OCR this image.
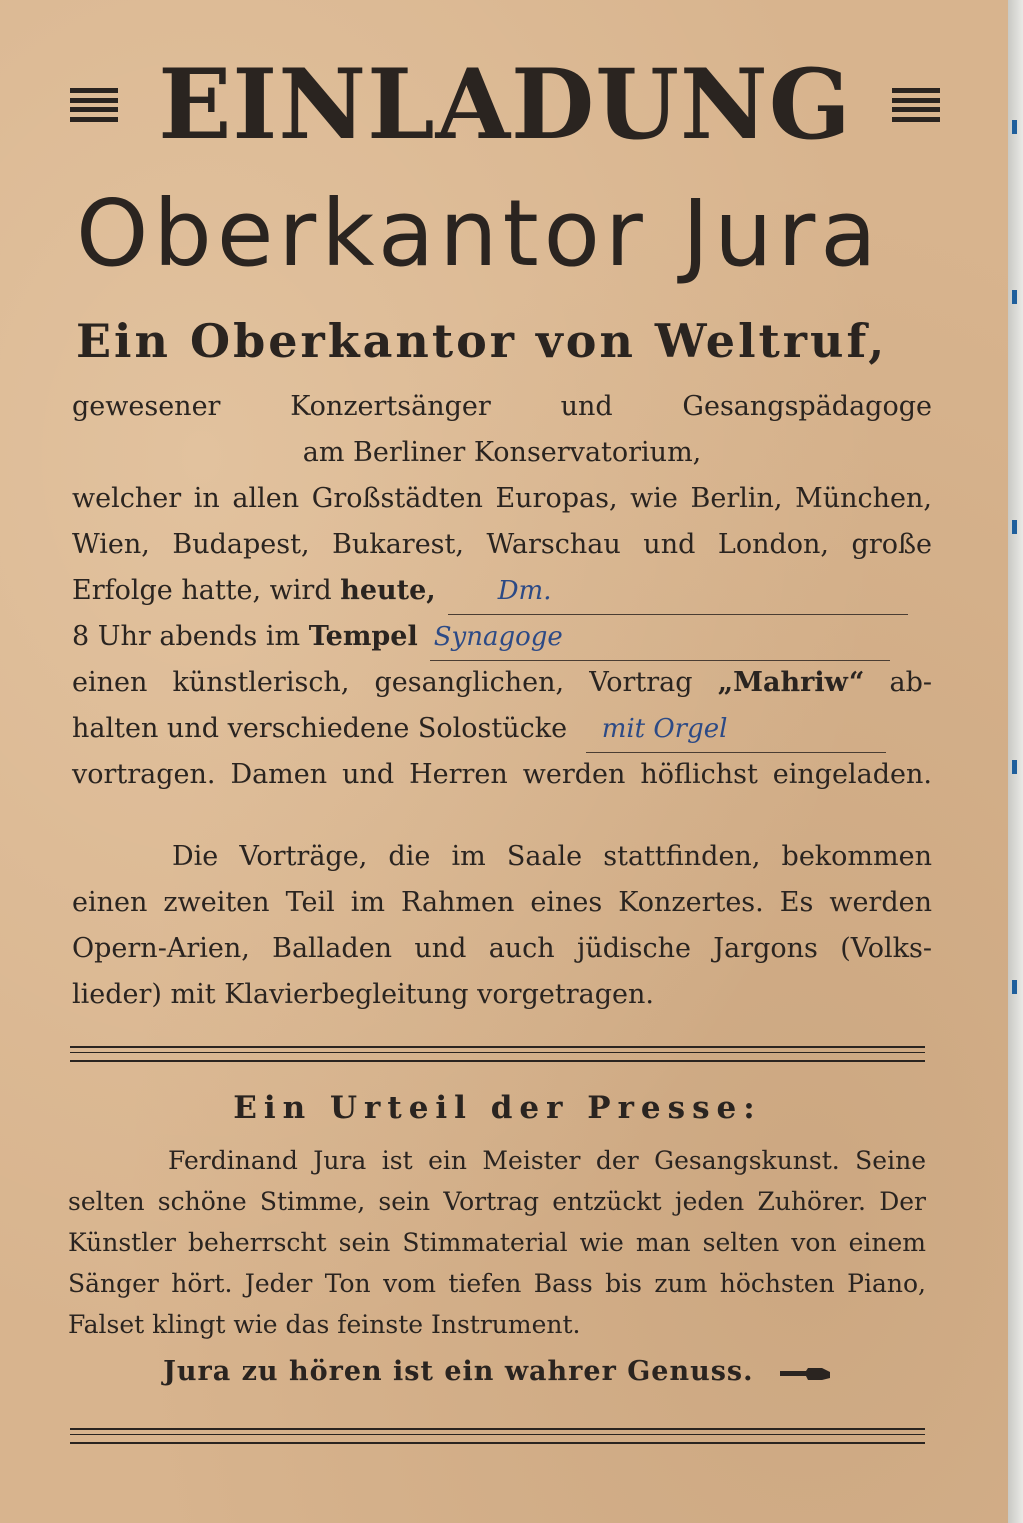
EINLADUNG
Oberkantor Jura
Ein Oberkantor von Weltruf,
gewesener Konzertsänger und Gesangspädagoge
am Berliner Konservatorium,
welcher in allen Großstädten Europas, wie Berlin, München,
Wien, Budapest, Bukarest, Warschau und London, große
Erfolge hatte, wird heute, Dm.
8 Uhr abends im Tempel Synagoge
einen künstlerisch, gesanglichen, Vortrag „Mahriw“ ab-
halten und verschiedene Solostücke mit Orgel
vortragen. Damen und Herren werden höflichst eingeladen.
Die Vorträge, die im Saale stattfinden, bekommen
einen zweiten Teil im Rahmen eines Konzertes. Es werden
Opern-Arien, Balladen und auch jüdische Jargons (Volks-
lieder) mit Klavierbegleitung vorgetragen.
Ein Urteil der Presse:
Ferdinand Jura ist ein Meister der Gesangskunst. Seine
selten schöne Stimme, sein Vortrag entzückt jeden Zuhörer. Der
Künstler beherrscht sein Stimmaterial wie man selten von einem
Sänger hört. Jeder Ton vom tiefen Bass bis zum höchsten Piano,
Falset klingt wie das feinste Instrument.
Jura zu hören ist ein wahrer Genuss.
